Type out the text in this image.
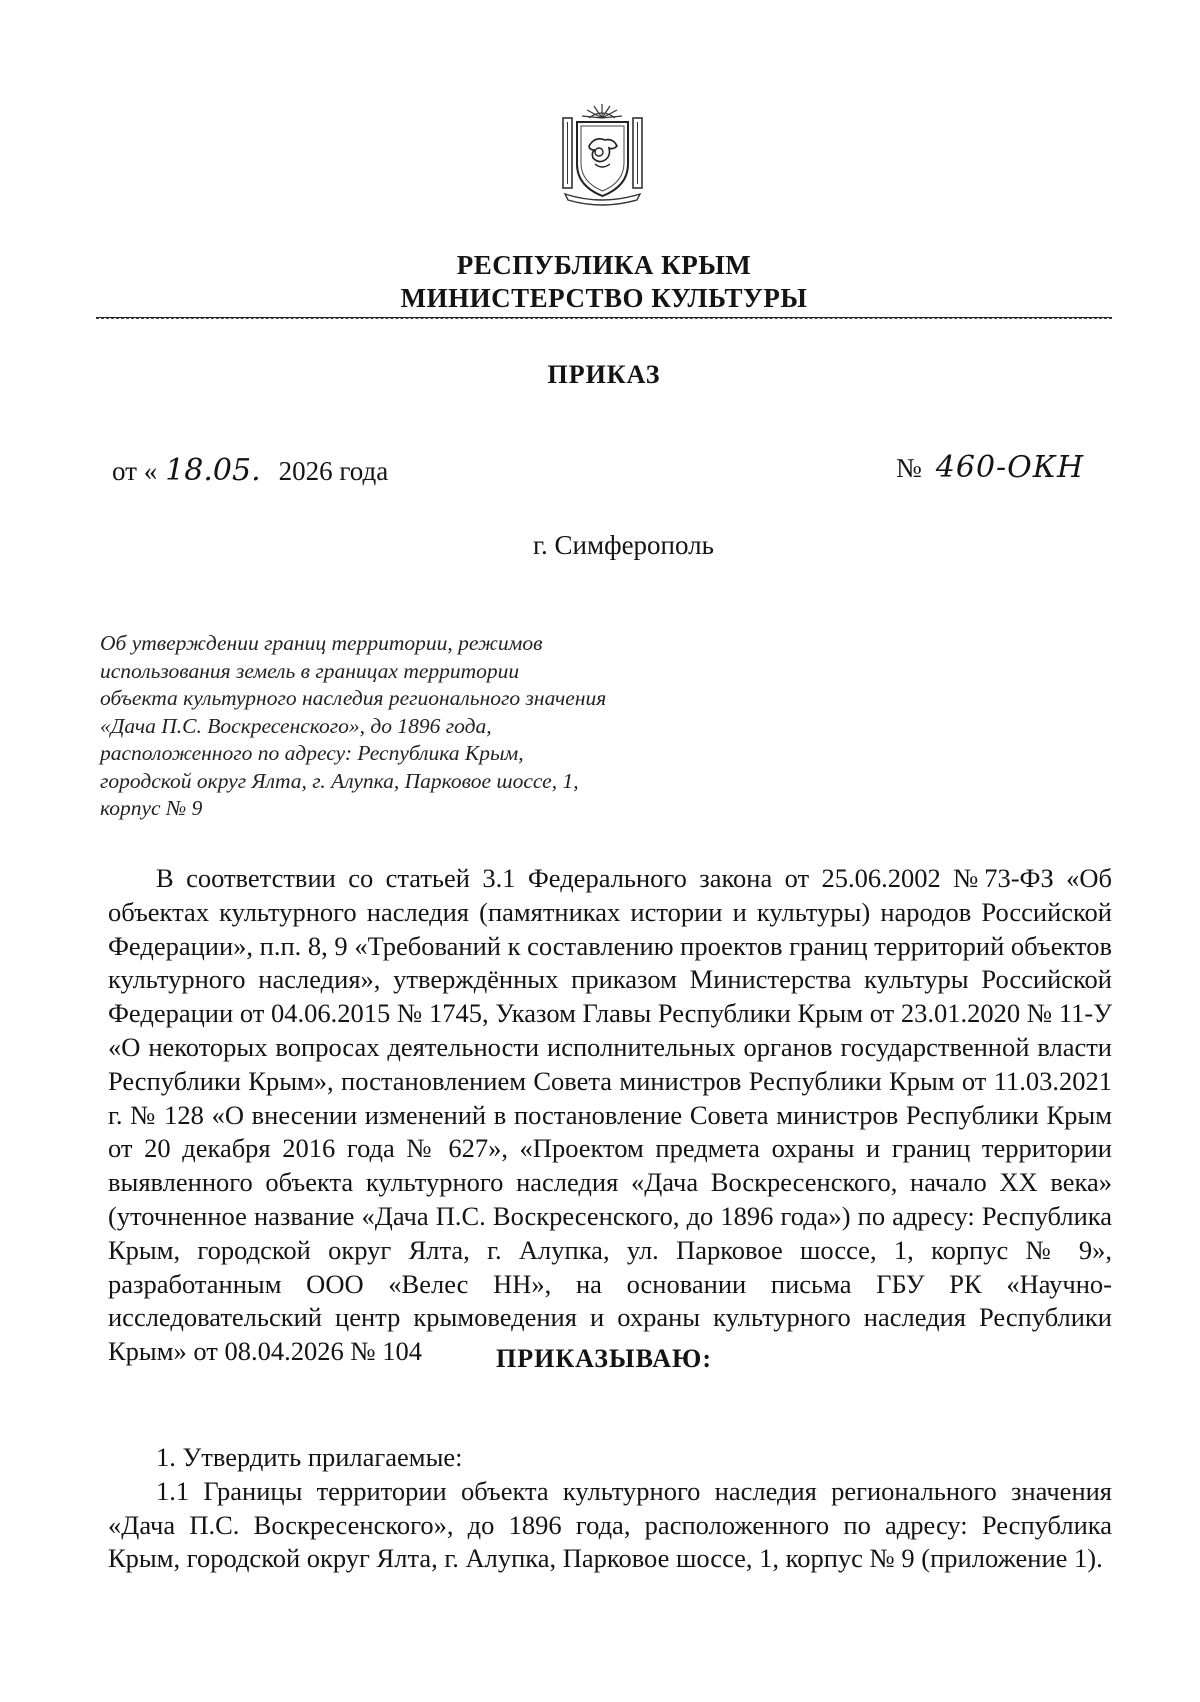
РЕСПУБЛИКА КРЫМ
МИНИСТЕРСТВО КУЛЬТУРЫ
ПРИКАЗ
от « 18.05. 2026 года	№ 460-ОКН
г. Симферополь
Об утверждении границ территории, режимов
использования земель в границах территории
объекта культурного наследия регионального значения
«Дача П.С. Воскресенского», до 1896 года,
расположенного по адресу: Республика Крым,
городской округ Ялта, г. Алупка, Парковое шоссе, 1,
корпус № 9

В соответствии со статьей 3.1 Федерального закона от 25.06.2002 №73-ФЗ «Об объектах культурного наследия (памятниках истории и культуры) народов Российской Федерации», п.п. 8, 9 «Требований к составлению проектов границ территорий объектов культурного наследия», утверждённых приказом Министерства культуры Российской Федерации от 04.06.2015 № 1745, Указом Главы Республики Крым от 23.01.2020 № 11-У «О некоторых вопросах деятельности исполнительных органов государственной власти Республики Крым», постановлением Совета министров Республики Крым от 11.03.2021 г. № 128 «О внесении изменений в постановление Совета министров Республики Крым от 20 декабря 2016 года № 627», «Проектом предмета охраны и границ территории выявленного объекта культурного наследия «Дача Воскресенского, начало XX века» (уточненное название «Дача П.С. Воскресенского, до 1896 года») по адресу: Республика Крым, городской округ Ялта, г. Алупка, ул. Парковое шоссе, 1, корпус № 9», разработанным ООО «Велес НН», на основании письма ГБУ РК «Научно-исследовательский центр крымоведения и охраны культурного наследия Республики Крым» от 08.04.2026 № 104	ПРИКАЗЫВАЮ:

1. Утвердить прилагаемые:

1.1 Границы территории объекта культурного наследия регионального значения «Дача П.С. Воскресенского», до 1896 года, расположенного по адресу: Республика Крым, городской округ Ялта, г. Алупка, Парковое шоссе, 1, корпус № 9 (приложение 1).
